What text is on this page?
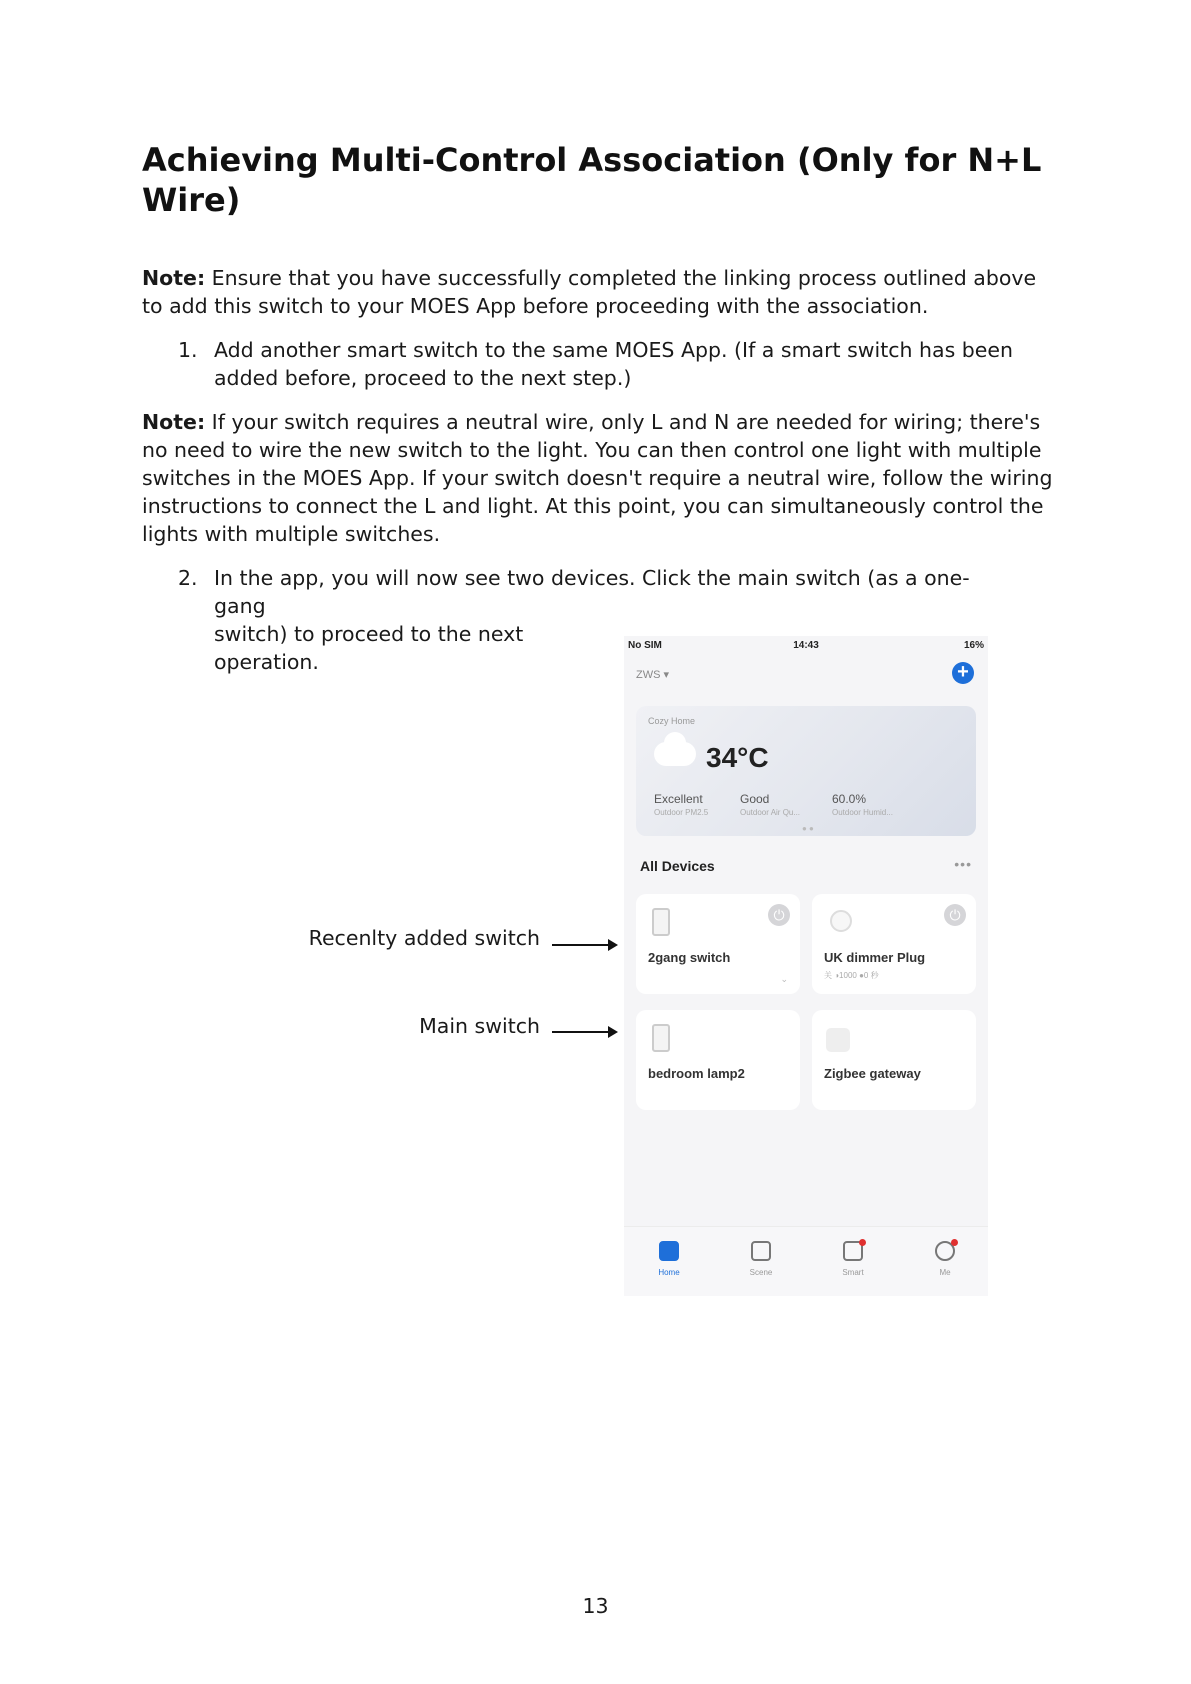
Achieving Multi-Control Association (Only for N+L Wire)

Note: Ensure that you have successfully completed the linking process outlined above to add this switch to your MOES App before proceeding with the association.

1. Add another smart switch to the same MOES App. (If a smart switch has been added before, proceed to the next step.)

Note: If your switch requires a neutral wire, only L and N are needed for wiring; there's no need to wire the new switch to the light. You can then control one light with multiple switches in the MOES App. If your switch doesn't require a neutral wire, follow the wiring instructions to connect the L and light. At this point, you can simultaneously control the lights with multiple switches.

2. In the app, you will now see two devices. Click the main switch (as a one-gang
switch) to proceed to the next
operation.
Recenlty added switch
Main switch
No SIM	14:43	16%
ZWS ▾	+
Cozy Home
34°C
Excellent
Outdoor PM2.5
Good
Outdoor Air Qu...
60.0%
Outdoor Humid...
● ●
All Devices	•••
⏻
2gang switch
⌄
⏻
UK dimmer Plug
关 ◑1000 ●0 秒
bedroom lamp2	Zigbee gateway
Home	Scene	Smart	Me
13
